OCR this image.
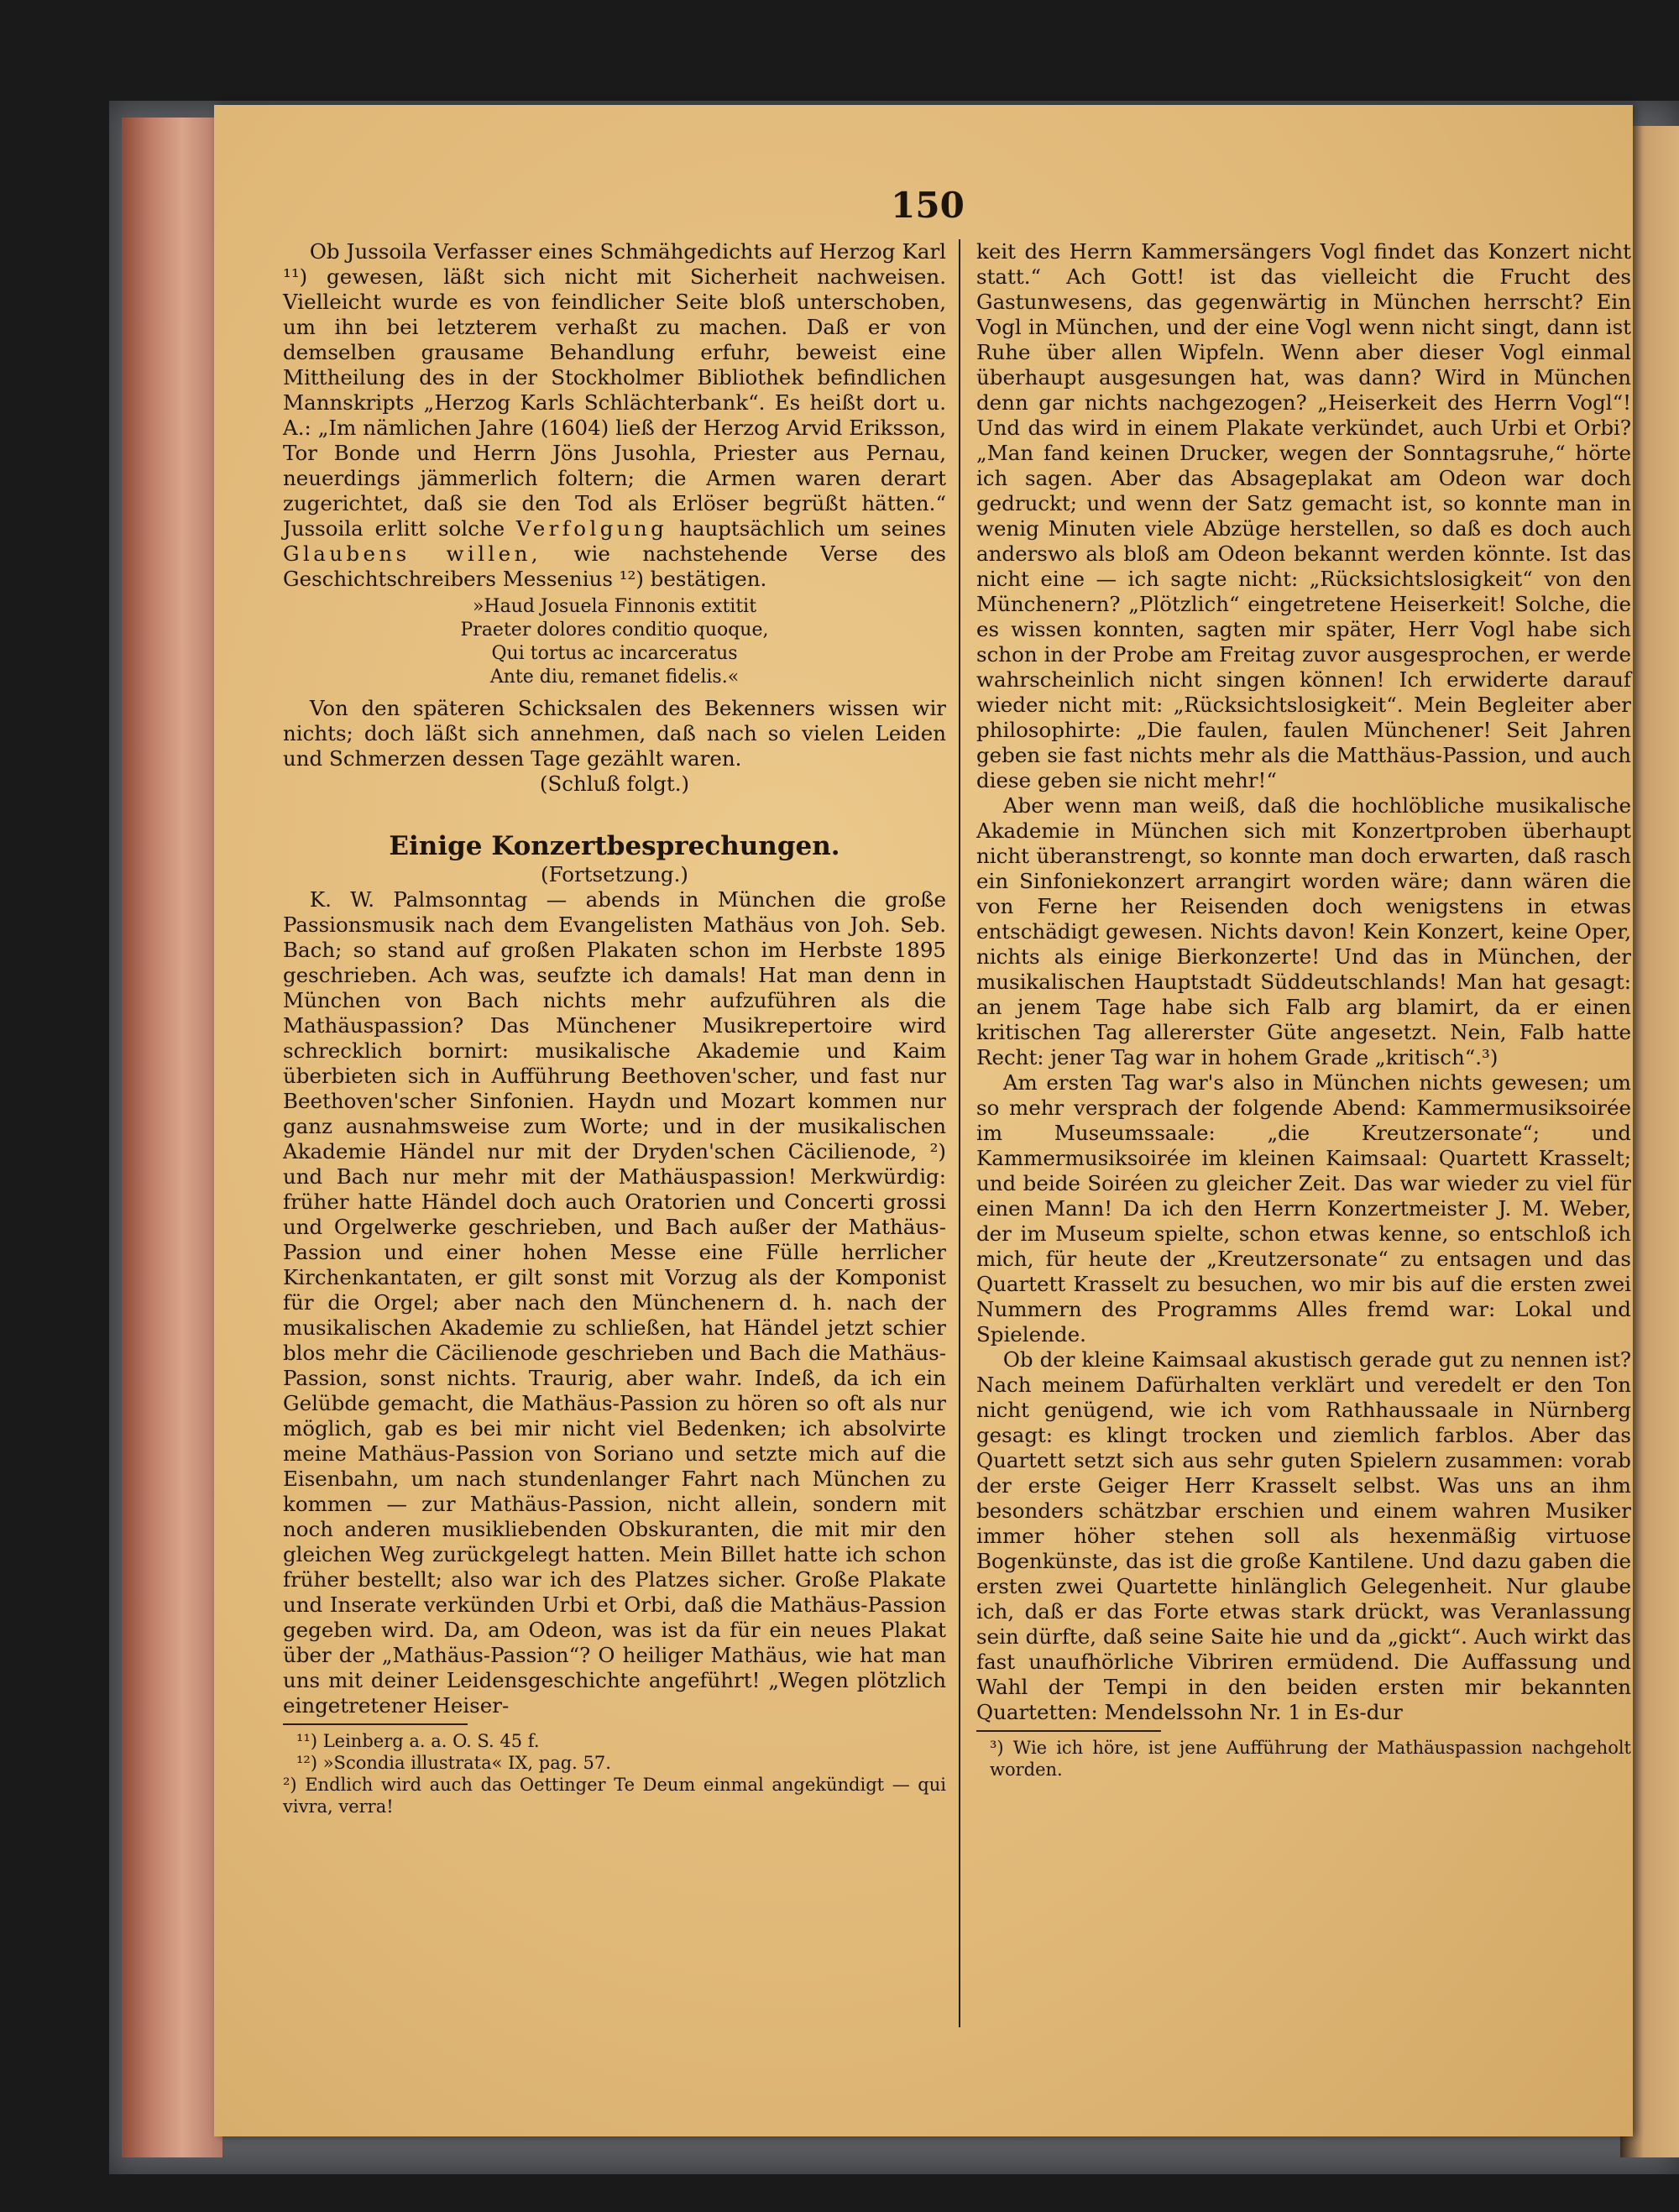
150

Ob Jussoila Verfasser eines Schmähgedichts auf Herzog Karl ¹¹) gewesen, läßt sich nicht mit Sicherheit nachweisen. Vielleicht wurde es von feindlicher Seite bloß unterschoben, um ihn bei letzterem verhaßt zu machen. Daß er von demselben grausame Behandlung erfuhr, beweist eine Mittheilung des in der Stockholmer Bibliothek befindlichen Mannskripts „Herzog Karls Schlächterbank“. Es heißt dort u. A.: „Im nämlichen Jahre (1604) ließ der Herzog Arvid Eriksson, Tor Bonde und Herrn Jöns Jusohla, Priester aus Pernau, neuerdings jämmerlich foltern; die Armen waren derart zugerichtet, daß sie den Tod als Erlöser begrüßt hätten.“ Jussoila erlitt solche Verfolgung hauptsächlich um seines Glaubens willen, wie nachstehende Verse des Geschichtschreibers Messenius ¹²) bestätigen.

»Haud Josuela Finnonis extitit
Praeter dolores conditio quoque,
Qui tortus ac incarceratus
Ante diu, remanet fidelis.«

Von den späteren Schicksalen des Bekenners wissen wir nichts; doch läßt sich annehmen, daß nach so vielen Leiden und Schmerzen dessen Tage gezählt waren.

(Schluß folgt.)

Einige Konzertbesprechungen.

(Fortsetzung.)

K. W. Palmsonntag — abends in München die große Passionsmusik nach dem Evangelisten Mathäus von Joh. Seb. Bach; so stand auf großen Plakaten schon im Herbste 1895 geschrieben. Ach was, seufzte ich damals! Hat man denn in München von Bach nichts mehr aufzuführen als die Mathäuspassion? Das Münchener Musikrepertoire wird schrecklich bornirt: musikalische Akademie und Kaim überbieten sich in Aufführung Beethoven'scher, und fast nur Beethoven'scher Sinfonien. Haydn und Mozart kommen nur ganz ausnahmsweise zum Worte; und in der musikalischen Akademie Händel nur mit der Dryden'schen Cäcilienode, ²) und Bach nur mehr mit der Mathäuspassion! Merkwürdig: früher hatte Händel doch auch Oratorien und Concerti grossi und Orgelwerke geschrieben, und Bach außer der Mathäus-Passion und einer hohen Messe eine Fülle herrlicher Kirchenkantaten, er gilt sonst mit Vorzug als der Komponist für die Orgel; aber nach den Münchenern d. h. nach der musikalischen Akademie zu schließen, hat Händel jetzt schier blos mehr die Cäcilienode geschrieben und Bach die Mathäus-Passion, sonst nichts. Traurig, aber wahr. Indeß, da ich ein Gelübde gemacht, die Mathäus-Passion zu hören so oft als nur möglich, gab es bei mir nicht viel Bedenken; ich absolvirte meine Mathäus-Passion von Soriano und setzte mich auf die Eisenbahn, um nach stundenlanger Fahrt nach München zu kommen — zur Mathäus-Passion, nicht allein, sondern mit noch anderen musikliebenden Obskuranten, die mit mir den gleichen Weg zurückgelegt hatten. Mein Billet hatte ich schon früher bestellt; also war ich des Platzes sicher. Große Plakate und Inserate verkünden Urbi et Orbi, daß die Mathäus-Passion gegeben wird. Da, am Odeon, was ist da für ein neues Plakat über der „Mathäus-Passion“? O heiliger Mathäus, wie hat man uns mit deiner Leidensgeschichte angeführt! „Wegen plötzlich eingetretener Heiser-

¹¹) Leinberg a. a. O. S. 45 f.
¹²) »Scondia illustrata« IX, pag. 57.
²) Endlich wird auch das Oettinger Te Deum einmal angekündigt — qui vivra, verra!

keit des Herrn Kammersängers Vogl findet das Konzert nicht statt.“ Ach Gott! ist das vielleicht die Frucht des Gastunwesens, das gegenwärtig in München herrscht? Ein Vogl in München, und der eine Vogl wenn nicht singt, dann ist Ruhe über allen Wipfeln. Wenn aber dieser Vogl einmal überhaupt ausgesungen hat, was dann? Wird in München denn gar nichts nachgezogen? „Heiserkeit des Herrn Vogl“! Und das wird in einem Plakate verkündet, auch Urbi et Orbi? „Man fand keinen Drucker, wegen der Sonntagsruhe,“ hörte ich sagen. Aber das Absageplakat am Odeon war doch gedruckt; und wenn der Satz gemacht ist, so konnte man in wenig Minuten viele Abzüge herstellen, so daß es doch auch anderswo als bloß am Odeon bekannt werden könnte. Ist das nicht eine — ich sagte nicht: „Rücksichtslosigkeit“ von den Münchenern? „Plötzlich“ eingetretene Heiserkeit! Solche, die es wissen konnten, sagten mir später, Herr Vogl habe sich schon in der Probe am Freitag zuvor ausgesprochen, er werde wahrscheinlich nicht singen können! Ich erwiderte darauf wieder nicht mit: „Rücksichtslosigkeit“. Mein Begleiter aber philosophirte: „Die faulen, faulen Münchener! Seit Jahren geben sie fast nichts mehr als die Matthäus-Passion, und auch diese geben sie nicht mehr!“

Aber wenn man weiß, daß die hochlöbliche musikalische Akademie in München sich mit Konzertproben überhaupt nicht überanstrengt, so konnte man doch erwarten, daß rasch ein Sinfoniekonzert arrangirt worden wäre; dann wären die von Ferne her Reisenden doch wenigstens in etwas entschädigt gewesen. Nichts davon! Kein Konzert, keine Oper, nichts als einige Bierkonzerte! Und das in München, der musikalischen Hauptstadt Süddeutschlands! Man hat gesagt: an jenem Tage habe sich Falb arg blamirt, da er einen kritischen Tag allererster Güte angesetzt. Nein, Falb hatte Recht: jener Tag war in hohem Grade „kritisch“.³)

Am ersten Tag war's also in München nichts gewesen; um so mehr versprach der folgende Abend: Kammermusiksoirée im Museumssaale: „die Kreutzersonate“; und Kammermusiksoirée im kleinen Kaimsaal: Quartett Krasselt; und beide Soiréen zu gleicher Zeit. Das war wieder zu viel für einen Mann! Da ich den Herrn Konzertmeister J. M. Weber, der im Museum spielte, schon etwas kenne, so entschloß ich mich, für heute der „Kreutzersonate“ zu entsagen und das Quartett Krasselt zu besuchen, wo mir bis auf die ersten zwei Nummern des Programms Alles fremd war: Lokal und Spielende.

Ob der kleine Kaimsaal akustisch gerade gut zu nennen ist? Nach meinem Dafürhalten verklärt und veredelt er den Ton nicht genügend, wie ich vom Rathhaussaale in Nürnberg gesagt: es klingt trocken und ziemlich farblos. Aber das Quartett setzt sich aus sehr guten Spielern zusammen: vorab der erste Geiger Herr Krasselt selbst. Was uns an ihm besonders schätzbar erschien und einem wahren Musiker immer höher stehen soll als hexenmäßig virtuose Bogenkünste, das ist die große Kantilene. Und dazu gaben die ersten zwei Quartette hinlänglich Gelegenheit. Nur glaube ich, daß er das Forte etwas stark drückt, was Veranlassung sein dürfte, daß seine Saite hie und da „gickt“. Auch wirkt das fast unaufhörliche Vibriren ermüdend. Die Auffassung und Wahl der Tempi in den beiden ersten mir bekannten Quartetten: Mendelssohn Nr. 1 in Es-dur

³) Wie ich höre, ist jene Aufführung der Mathäuspassion nachgeholt worden.
